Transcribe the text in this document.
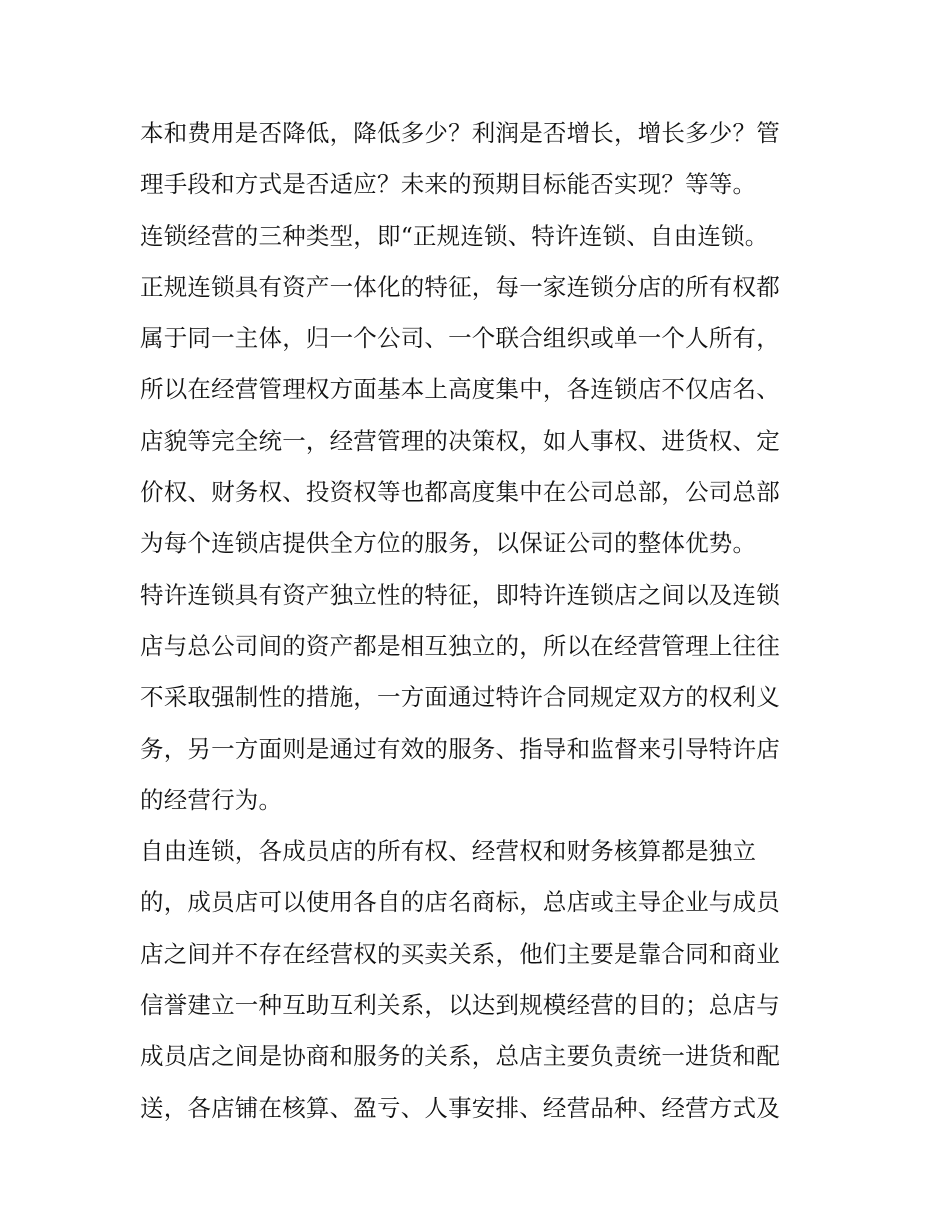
本和费用是否降低，降低多少？利润是否增长，增长多少？管
理手段和方式是否适应？未来的预期目标能否实现？等等。
连锁经营的三种类型，即“正规连锁、特许连锁、自由连锁。
正规连锁具有资产一体化的特征，每一家连锁分店的所有权都
属于同一主体，归一个公司、一个联合组织或单一个人所有，
所以在经营管理权方面基本上高度集中，各连锁店不仅店名、
店貌等完全统一，经营管理的决策权，如人事权、进货权、定
价权、财务权、投资权等也都高度集中在公司总部，公司总部
为每个连锁店提供全方位的服务，以保证公司的整体优势。
特许连锁具有资产独立性的特征，即特许连锁店之间以及连锁
店与总公司间的资产都是相互独立的，所以在经营管理上往往
不采取强制性的措施，一方面通过特许合同规定双方的权利义
务，另一方面则是通过有效的服务、指导和监督来引导特许店
的经营行为。
自由连锁，各成员店的所有权、经营权和财务核算都是独立
的，成员店可以使用各自的店名商标，总店或主导企业与成员
店之间并不存在经营权的买卖关系，他们主要是靠合同和商业
信誉建立一种互助互利关系，以达到规模经营的目的；总店与
成员店之间是协商和服务的关系，总店主要负责统一进货和配
送，各店铺在核算、盈亏、人事安排、经营品种、经营方式及
